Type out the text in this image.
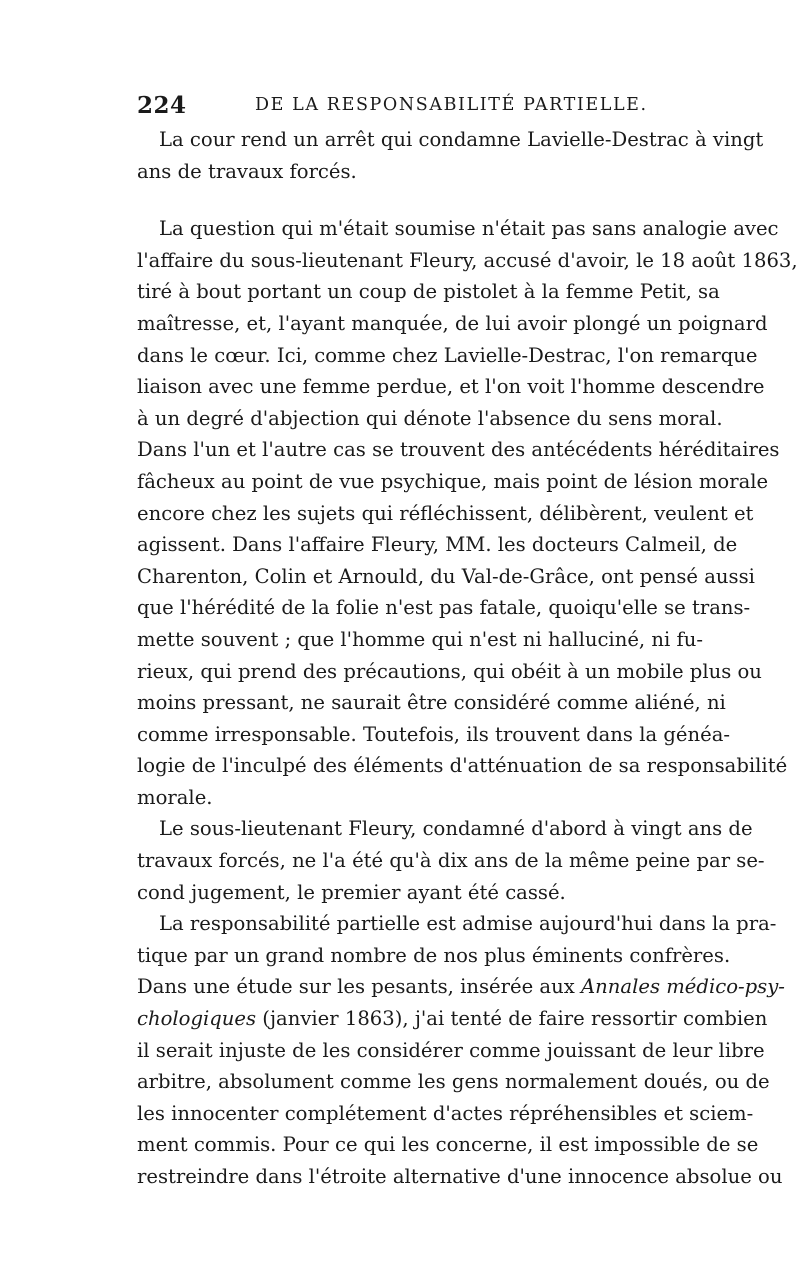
224	DE LA RESPONSABILITÉ PARTIELLE.
La cour rend un arrêt qui condamne Lavielle-Destrac à vingt
ans de travaux forcés.
La question qui m'était soumise n'était pas sans analogie avec
l'affaire du sous-lieutenant Fleury, accusé d'avoir, le 18 août 1863,
tiré à bout portant un coup de pistolet à la femme Petit, sa
maîtresse, et, l'ayant manquée, de lui avoir plongé un poignard
dans le cœur. Ici, comme chez Lavielle-Destrac, l'on remarque
liaison avec une femme perdue, et l'on voit l'homme descendre
à un degré d'abjection qui dénote l'absence du sens moral.
Dans l'un et l'autre cas se trouvent des antécédents héréditaires
fâcheux au point de vue psychique, mais point de lésion morale
encore chez les sujets qui réfléchissent, délibèrent, veulent et
agissent. Dans l'affaire Fleury, MM. les docteurs Calmeil, de
Charenton, Colin et Arnould, du Val-de-Grâce, ont pensé aussi
que l'hérédité de la folie n'est pas fatale, quoiqu'elle se trans-
mette souvent ; que l'homme qui n'est ni halluciné, ni fu-
rieux, qui prend des précautions, qui obéit à un mobile plus ou
moins pressant, ne saurait être considéré comme aliéné, ni
comme irresponsable. Toutefois, ils trouvent dans la généa-
logie de l'inculpé des éléments d'atténuation de sa responsabilité
morale.
Le sous-lieutenant Fleury, condamné d'abord à vingt ans de
travaux forcés, ne l'a été qu'à dix ans de la même peine par se-
cond jugement, le premier ayant été cassé.
La responsabilité partielle est admise aujourd'hui dans la pra-
tique par un grand nombre de nos plus éminents confrères.
Dans une étude sur les pesants, insérée aux Annales médico-psy-
chologiques (janvier 1863), j'ai tenté de faire ressortir combien
il serait injuste de les considérer comme jouissant de leur libre
arbitre, absolument comme les gens normalement doués, ou de
les innocenter complétement d'actes répréhensibles et sciem-
ment commis. Pour ce qui les concerne, il est impossible de se
restreindre dans l'étroite alternative d'une innocence absolue ou
